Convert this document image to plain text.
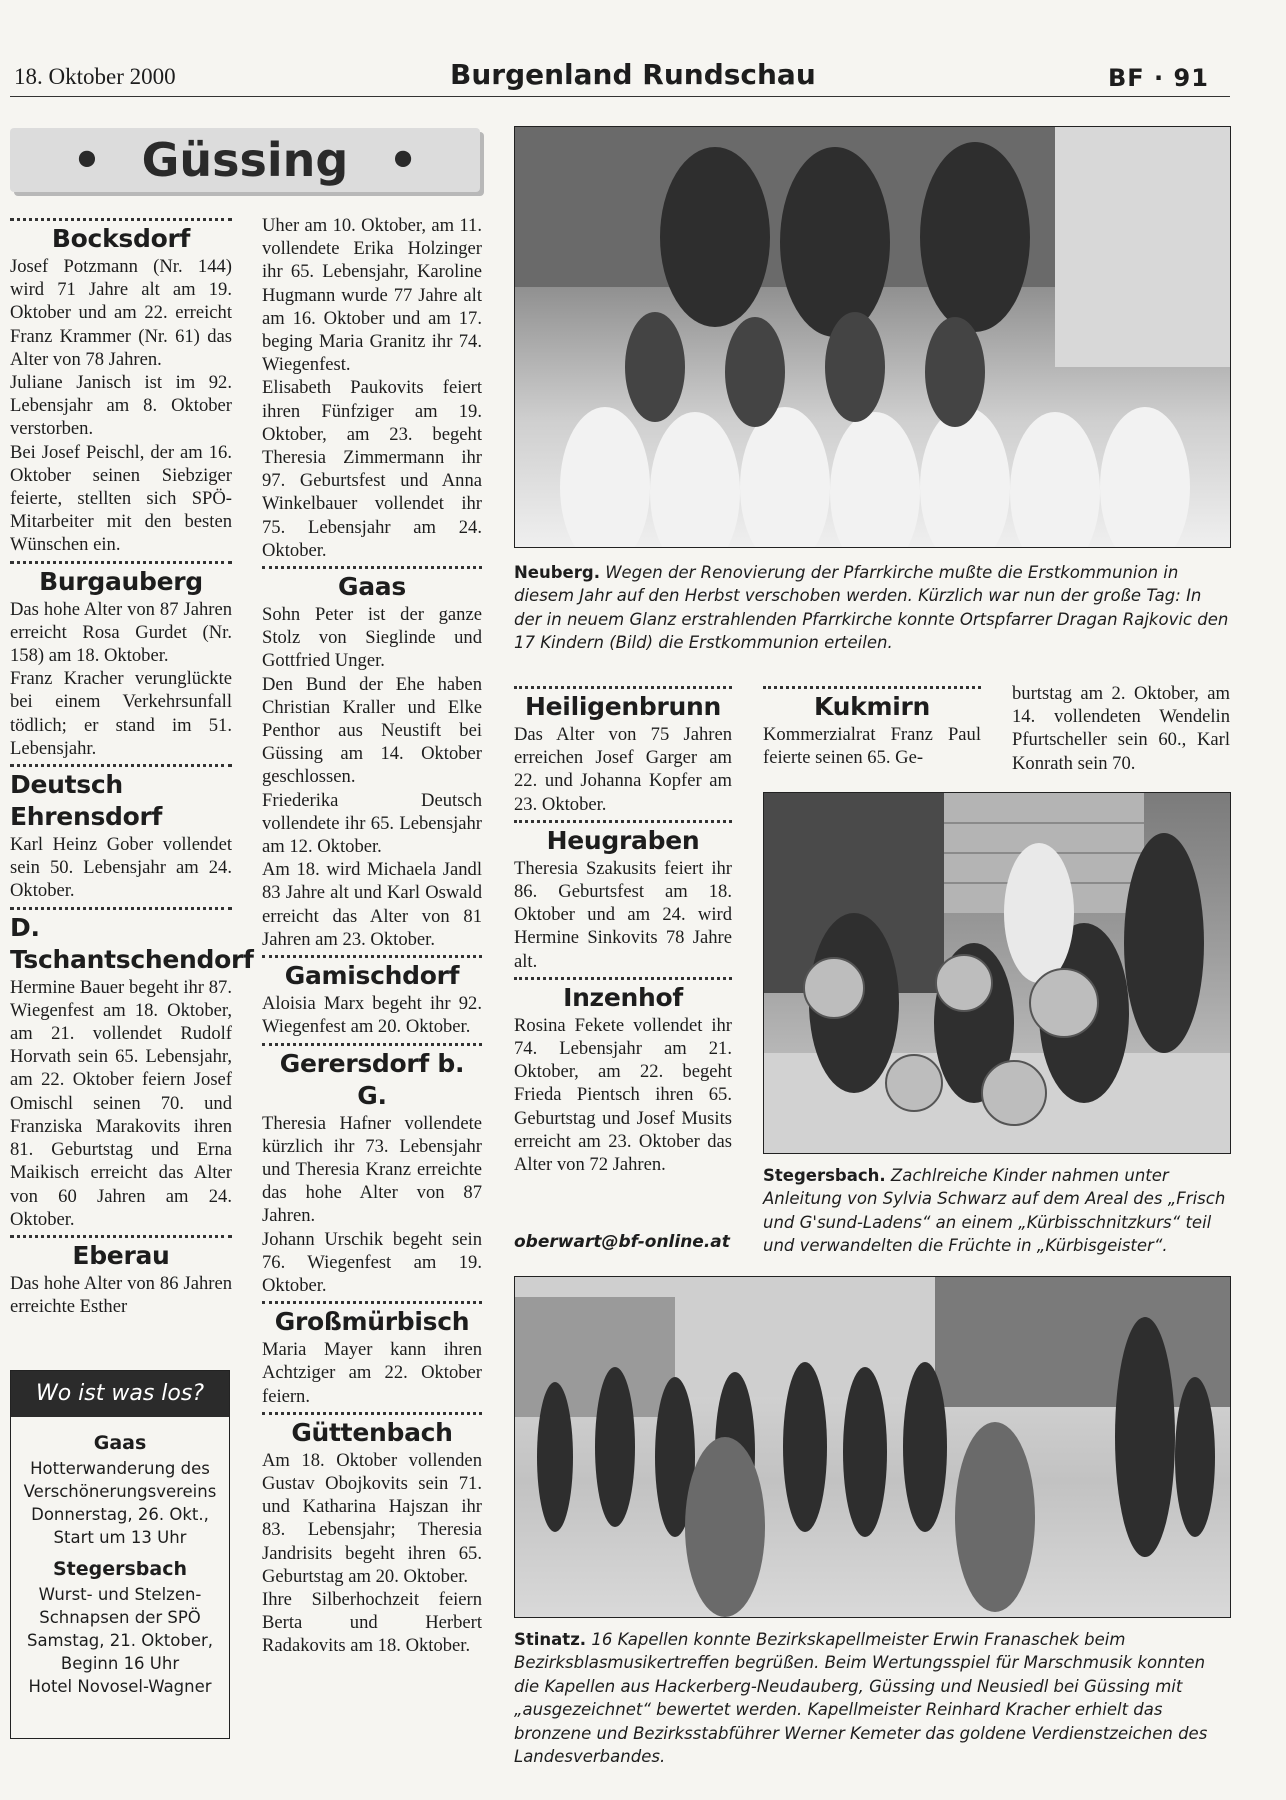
18. Oktober 2000	Burgenland Rundschau	BF · 91
• Güssing •
Bocksdorf

Josef Potzmann (Nr. 144) wird 71 Jahre alt am 19. Oktober und am 22. erreicht Franz Krammer (Nr. 61) das Alter von 78 Jahren.

Juliane Janisch ist im 92. Lebensjahr am 8. Oktober verstorben.

Bei Josef Peischl, der am 16. Oktober seinen Siebziger feierte, stellten sich SPÖ-Mitarbeiter mit den besten Wünschen ein.

Burgauberg

Das hohe Alter von 87 Jahren erreicht Rosa Gurdet (Nr. 158) am 18. Oktober.

Franz Kracher verunglückte bei einem Verkehrsunfall tödlich; er stand im 51. Lebensjahr.

Deutsch Ehrensdorf

Karl Heinz Gober vollendet sein 50. Lebensjahr am 24. Oktober.

D. Tschantschendorf

Hermine Bauer begeht ihr 87. Wiegenfest am 18. Oktober, am 21. vollendet Rudolf Horvath sein 65. Lebensjahr, am 22. Oktober feiern Josef Omischl seinen 70. und Franziska Marakovits ihren 81. Geburtstag und Erna Maikisch erreicht das Alter von 60 Jahren am 24. Oktober.

Eberau

Das hohe Alter von 86 Jahren erreichte Esther

Wo ist was los?
Gaas
Hotterwanderung des
Verschönerungsvereins
Donnerstag, 26. Okt.,
Start um 13 Uhr
Stegersbach
Wurst- und Stelzen-
Schnapsen der SPÖ
Samstag, 21. Oktober,
Beginn 16 Uhr
Hotel Novosel-Wagner

Uher am 10. Oktober, am 11. vollendete Erika Holzinger ihr 65. Lebensjahr, Karoline Hugmann wurde 77 Jahre alt am 16. Oktober und am 17. beging Maria Granitz ihr 74. Wiegenfest.

Elisabeth Paukovits feiert ihren Fünfziger am 19. Oktober, am 23. begeht Theresia Zimmermann ihr 97. Geburtsfest und Anna Winkelbauer vollendet ihr 75. Lebensjahr am 24. Oktober.

Gaas

Sohn Peter ist der ganze Stolz von Sieglinde und Gottfried Unger.

Den Bund der Ehe haben Christian Kraller und Elke Penthor aus Neustift bei Güssing am 14. Oktober geschlossen.

Friederika Deutsch vollendete ihr 65. Lebensjahr am 12. Oktober.

Am 18. wird Michaela Jandl 83 Jahre alt und Karl Oswald erreicht das Alter von 81 Jahren am 23. Oktober.

Gamischdorf

Aloisia Marx begeht ihr 92. Wiegenfest am 20. Oktober.

Gerersdorf b. G.

Theresia Hafner vollendete kürzlich ihr 73. Lebensjahr und Theresia Kranz erreichte das hohe Alter von 87 Jahren.

Johann Urschik begeht sein 76. Wiegenfest am 19. Oktober.

Großmürbisch

Maria Mayer kann ihren Achtziger am 22. Oktober feiern.

Güttenbach

Am 18. Oktober vollenden Gustav Obojkovits sein 71. und Katharina Hajszan ihr 83. Lebensjahr; Theresia Jandrisits begeht ihren 65. Geburtstag am 20. Oktober.

Ihre Silberhochzeit feiern Berta und Herbert Radakovits am 18. Oktober.

Neuberg. Wegen der Renovierung der Pfarrkirche mußte die Erstkommunion in diesem Jahr auf den Herbst verschoben werden. Kürzlich war nun der große Tag: In der in neuem Glanz erstrahlenden Pfarrkirche konnte Ortspfarrer Dragan Rajkovic den 17 Kindern (Bild) die Erstkommunion erteilen.
Heiligenbrunn

Das Alter von 75 Jahren erreichen Josef Garger am 22. und Johanna Kopfer am 23. Oktober.

Heugraben

Theresia Szakusits feiert ihr 86. Geburtsfest am 18. Oktober und am 24. wird Hermine Sinkovits 78 Jahre alt.

Inzenhof

Rosina Fekete vollendet ihr 74. Lebensjahr am 21. Oktober, am 22. begeht Frieda Pientsch ihren 65. Geburtstag und Josef Musits erreicht am 23. Oktober das Alter von 72 Jahren.

oberwart@bf-online.at
Kukmirn

Kommerzialrat Franz Paul feierte seinen 65. Ge-

burtstag am 2. Oktober, am 14. vollendeten Wendelin Pfurtscheller sein 60., Karl Konrath sein 70.

Stegersbach. Zachlreiche Kinder nahmen unter Anleitung von Sylvia Schwarz auf dem Areal des „Frisch und G'sund-Ladens“ an einem „Kürbisschnitzkurs“ teil und verwandelten die Früchte in „Kürbisgeister“.
Stinatz. 16 Kapellen konnte Bezirkskapellmeister Erwin Franaschek beim Bezirksblasmusikertreffen begrüßen. Beim Wertungsspiel für Marschmusik konnten die Kapellen aus Hackerberg-Neudauberg, Güssing und Neusiedl bei Güssing mit „ausgezeichnet“ bewertet werden. Kapellmeister Reinhard Kracher erhielt das bronzene und Bezirksstabführer Werner Kemeter das goldene Verdienstzeichen des Landesverbandes.
